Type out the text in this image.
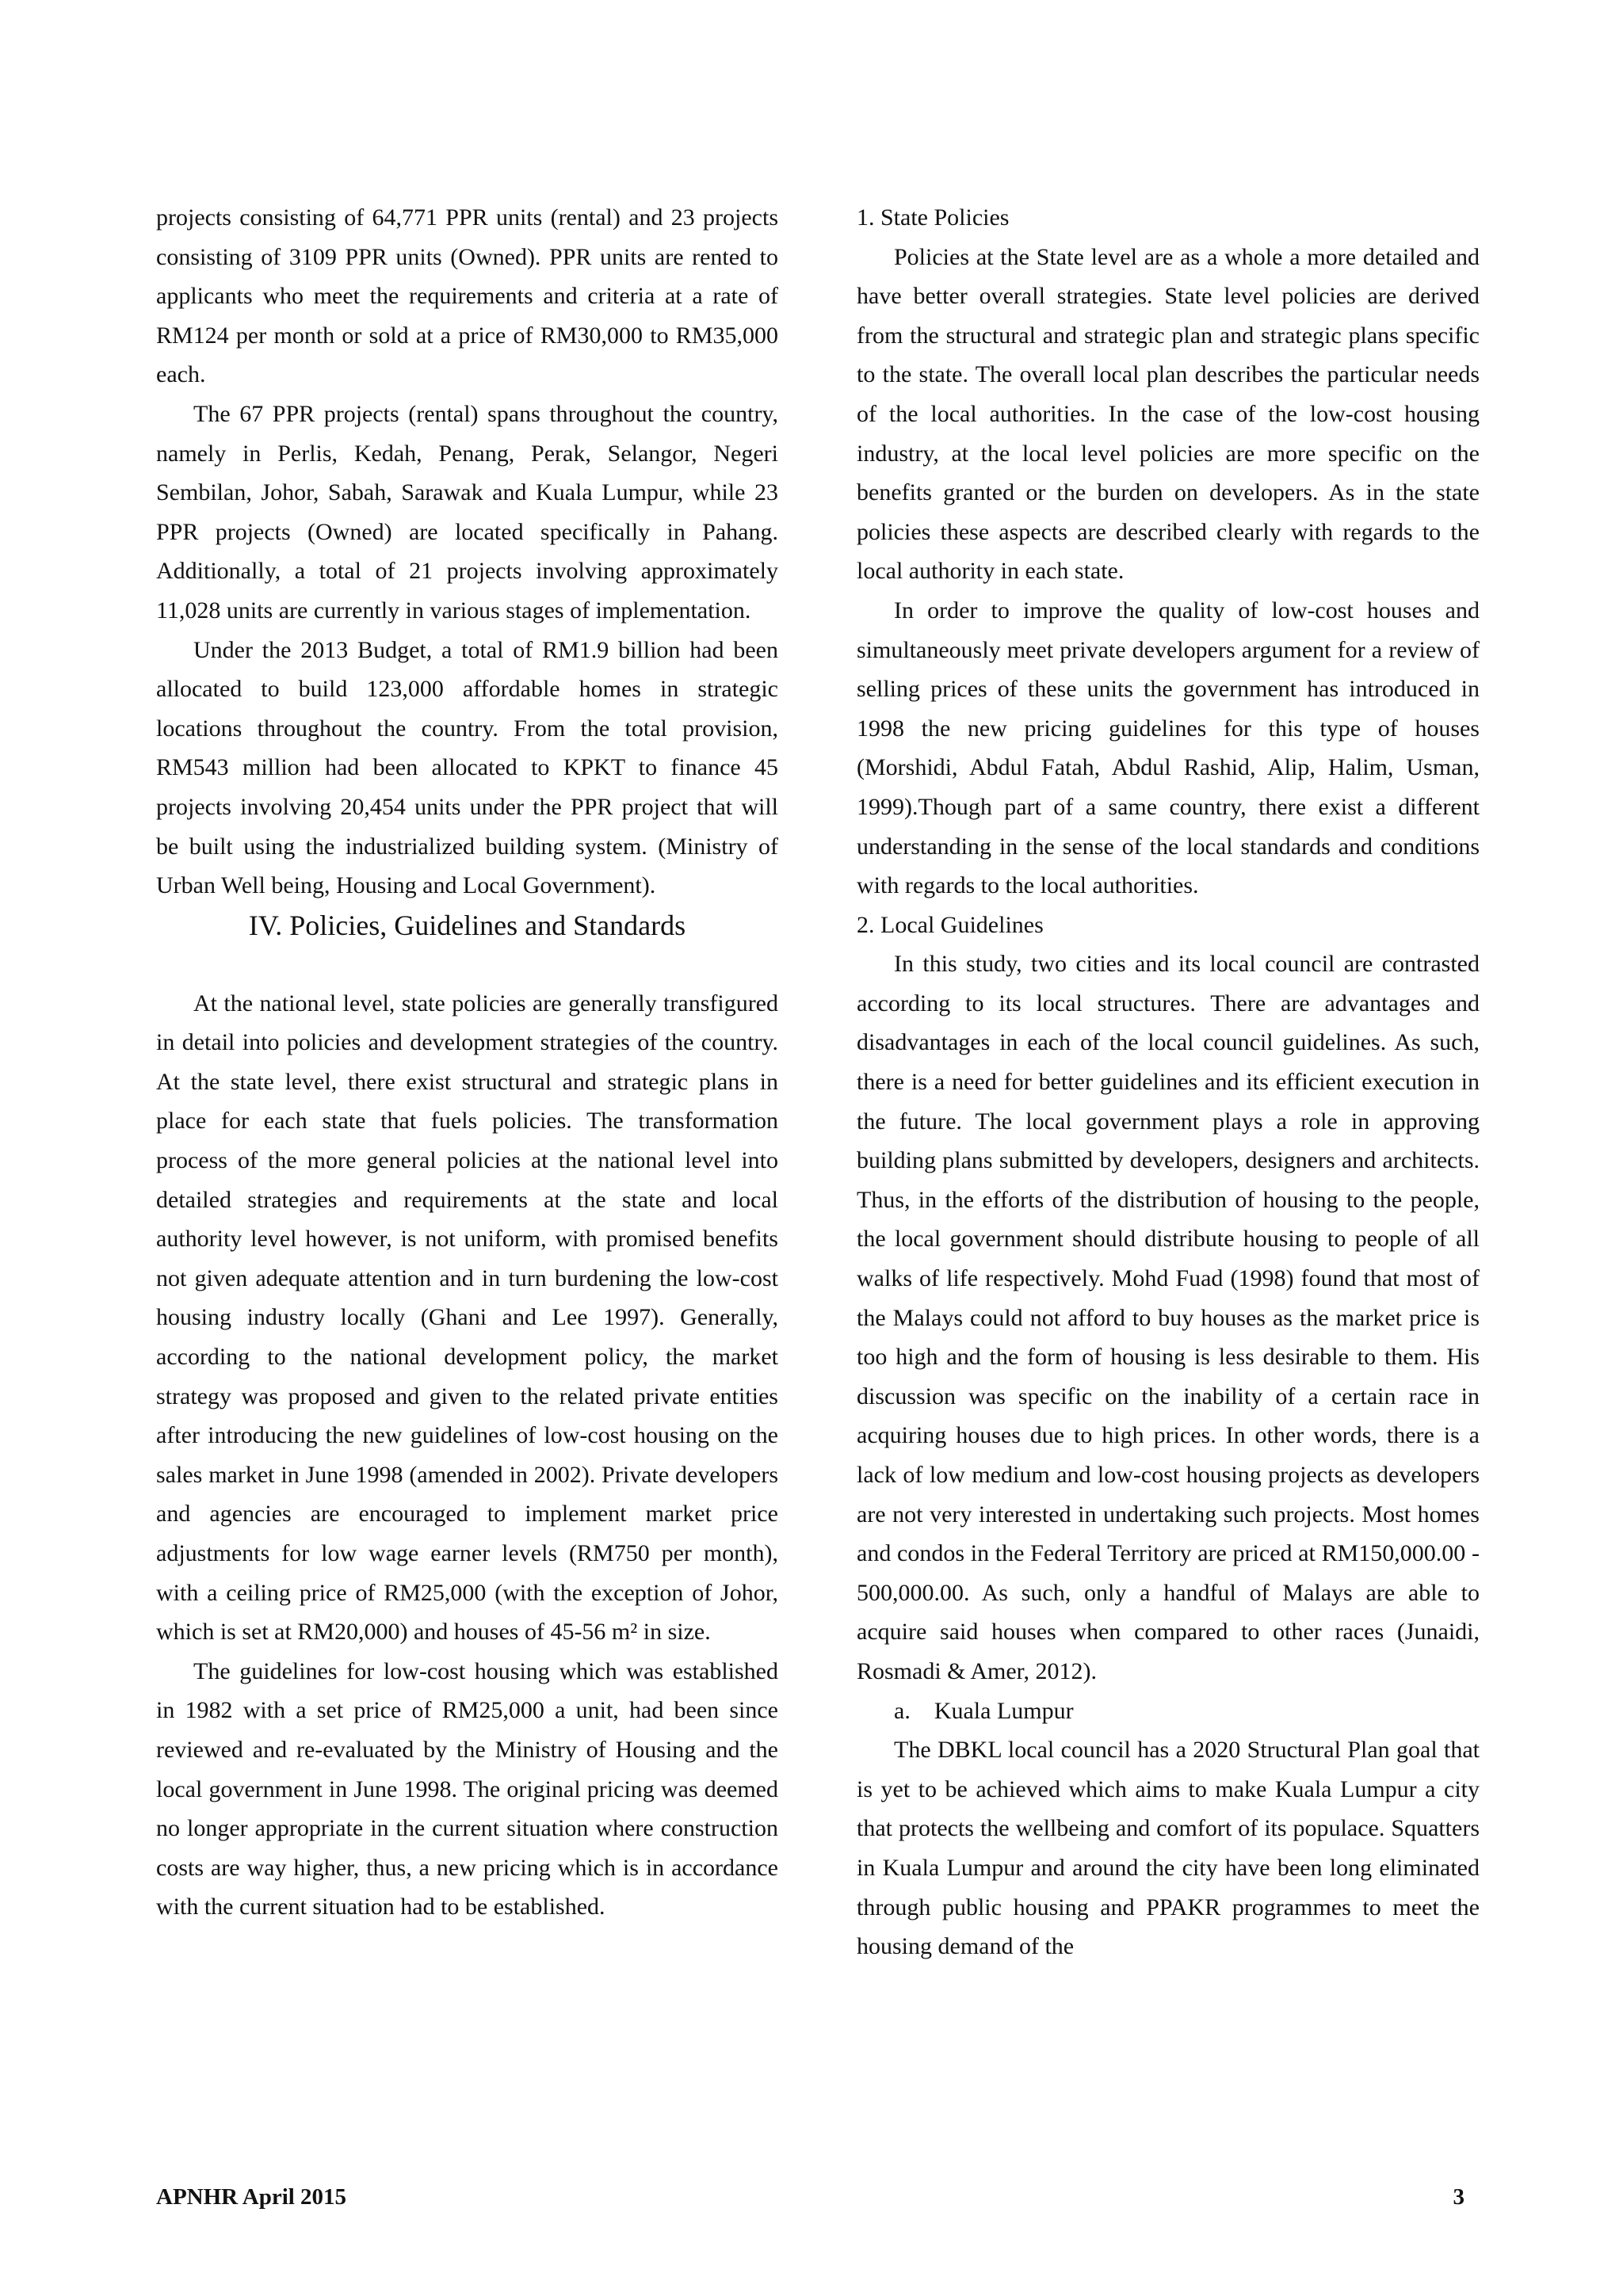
projects consisting of 64,771 PPR units (rental) and 23 projects consisting of 3109 PPR units (Owned). PPR units are rented to applicants who meet the requirements and criteria at a rate of RM124 per month or sold at a price of RM30,000 to RM35,000 each.

The 67 PPR projects (rental) spans throughout the country, namely in Perlis, Kedah, Penang, Perak, Selangor, Negeri Sembilan, Johor, Sabah, Sarawak and Kuala Lumpur, while 23 PPR projects (Owned) are located specifically in Pahang. Additionally, a total of 21 projects involving approximately 11,028 units are currently in various stages of implementation.

Under the 2013 Budget, a total of RM1.9 billion had been allocated to build 123,000 affordable homes in strategic locations throughout the country. From the total provision, RM543 million had been allocated to KPKT to finance 45 projects involving 20,454 units under the PPR project that will be built using the industrialized building system. (Ministry of Urban Well being, Housing and Local Government).

IV. Policies, Guidelines and Standards

At the national level, state policies are generally transfigured in detail into policies and development strategies of the country. At the state level, there exist structural and strategic plans in place for each state that fuels policies. The transformation process of the more general policies at the national level into detailed strategies and requirements at the state and local authority level however, is not uniform, with promised benefits not given adequate attention and in turn burdening the low-cost housing industry locally (Ghani and Lee 1997). Generally, according to the national development policy, the market strategy was proposed and given to the related private entities after introducing the new guidelines of low-cost housing on the sales market in June 1998 (amended in 2002). Private developers and agencies are encouraged to implement market price adjustments for low wage earner levels (RM750 per month), with a ceiling price of RM25,000 (with the exception of Johor, which is set at RM20,000) and houses of 45-56 m² in size.

The guidelines for low-cost housing which was established in 1982 with a set price of RM25,000 a unit, had been since reviewed and re-evaluated by the Ministry of Housing and the local government in June 1998. The original pricing was deemed no longer appropriate in the current situation where construction costs are way higher, thus, a new pricing which is in accordance with the current situation had to be established.

1. State Policies

Policies at the State level are as a whole a more detailed and have better overall strategies. State level policies are derived from the structural and strategic plan and strategic plans specific to the state. The overall local plan describes the particular needs of the local authorities. In the case of the low-cost housing industry, at the local level policies are more specific on the benefits granted or the burden on developers. As in the state policies these aspects are described clearly with regards to the local authority in each state.

In order to improve the quality of low-cost houses and simultaneously meet private developers argument for a review of selling prices of these units the government has introduced in 1998 the new pricing guidelines for this type of houses (Morshidi, Abdul Fatah, Abdul Rashid, Alip, Halim, Usman, 1999).Though part of a same country, there exist a different understanding in the sense of the local standards and conditions with regards to the local authorities.

2. Local Guidelines

In this study, two cities and its local council are contrasted according to its local structures. There are advantages and disadvantages in each of the local council guidelines. As such, there is a need for better guidelines and its efficient execution in the future. The local government plays a role in approving building plans submitted by developers, designers and architects. Thus, in the efforts of the distribution of housing to the people, the local government should distribute housing to people of all walks of life respectively. Mohd Fuad (1998) found that most of the Malays could not afford to buy houses as the market price is too high and the form of housing is less desirable to them. His discussion was specific on the inability of a certain race in acquiring houses due to high prices. In other words, there is a lack of low medium and low-cost housing projects as developers are not very interested in undertaking such projects. Most homes and condos in the Federal Territory are priced at RM150,000.00 - 500,000.00. As such, only a handful of Malays are able to acquire said houses when compared to other races (Junaidi, Rosmadi & Amer, 2012).

a.    Kuala Lumpur

The DBKL local council has a 2020 Structural Plan goal that is yet to be achieved which aims to make Kuala Lumpur a city that protects the wellbeing and comfort of its populace. Squatters in Kuala Lumpur and around the city have been long eliminated through public housing and PPAKR programmes to meet the housing demand of the

APNHR April 2015	3
